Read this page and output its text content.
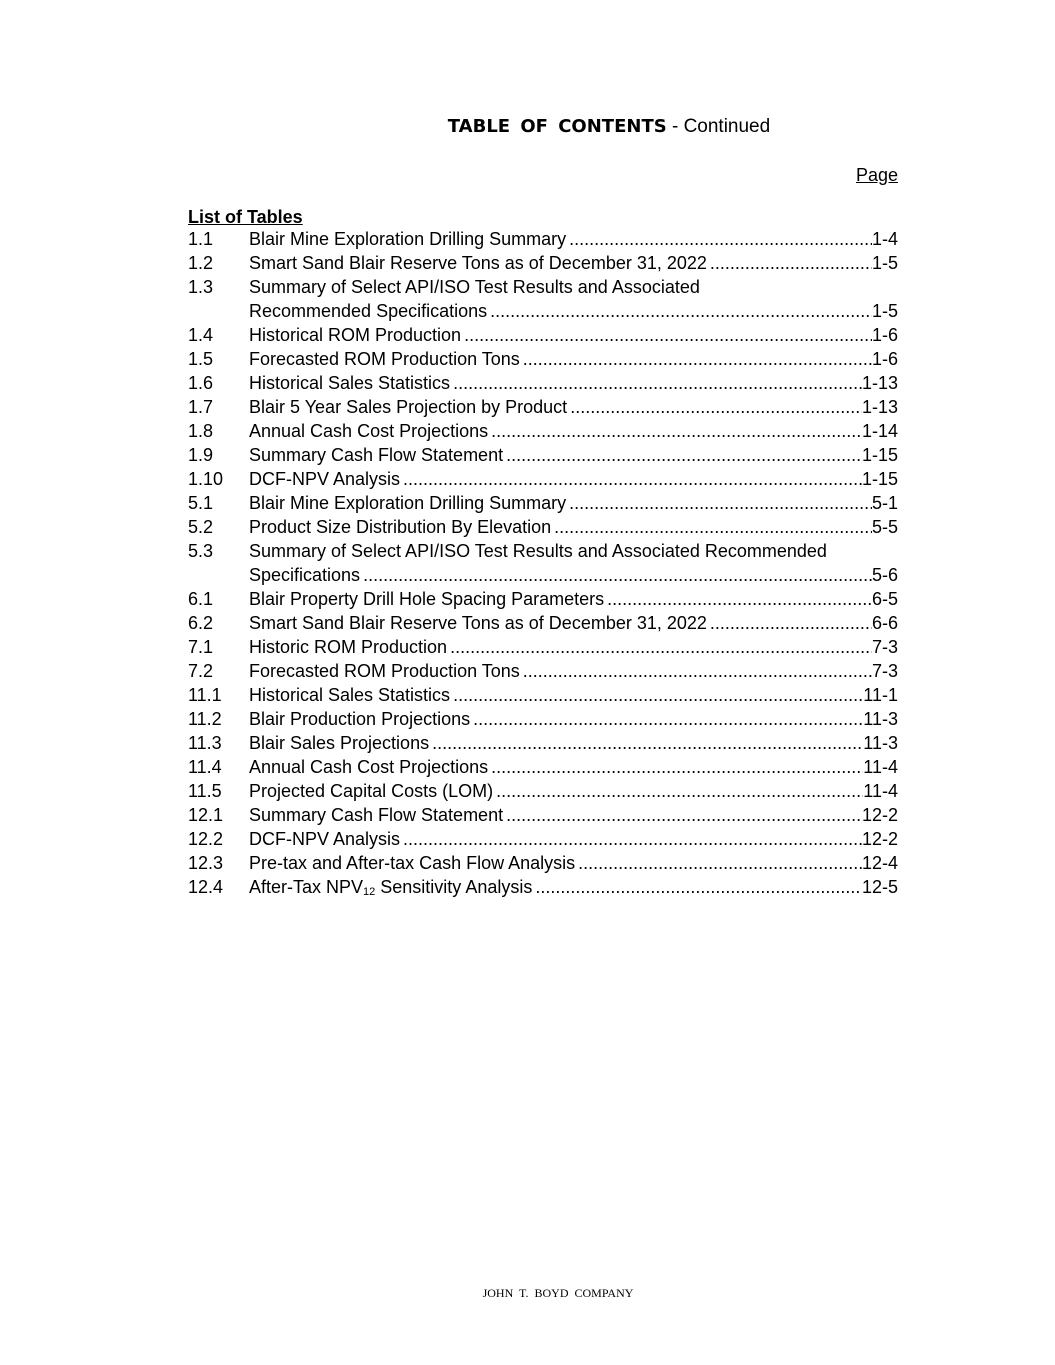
TABLE OF CONTENTS - Continued
Page
List of Tables
1.1	Blair Mine Exploration Drilling Summary .....	1-4
1.2	Smart Sand Blair Reserve Tons as of December 31, 2022 .....	1-5
1.3	Summary of Select API/ISO Test Results and Associated
Recommended Specifications .....	1-5
1.4	Historical ROM Production .....	1-6
1.5	Forecasted ROM Production Tons .....	1-6
1.6	Historical Sales Statistics .....	1-13
1.7	Blair 5 Year Sales Projection by Product .....	1-13
1.8	Annual Cash Cost Projections .....	1-14
1.9	Summary Cash Flow Statement .....	1-15
1.10	DCF-NPV Analysis .....	1-15
5.1	Blair Mine Exploration Drilling Summary .....	5-1
5.2	Product Size Distribution By Elevation .....	5-5
5.3	Summary of Select API/ISO Test Results and Associated Recommended
Specifications .....	5-6
6.1	Blair Property Drill Hole Spacing Parameters .....	6-5
6.2	Smart Sand Blair Reserve Tons as of December 31, 2022 .....	6-6
7.1	Historic ROM Production .....	7-3
7.2	Forecasted ROM Production Tons .....	7-3
11.1	Historical Sales Statistics .....	11-1
11.2	Blair Production Projections .....	11-3
11.3	Blair Sales Projections .....	11-3
11.4	Annual Cash Cost Projections .....	11-4
11.5	Projected Capital Costs (LOM) .....	11-4
12.1	Summary Cash Flow Statement .....	12-2
12.2	DCF-NPV Analysis .....	12-2
12.3	Pre-tax and After-tax Cash Flow Analysis .....	12-4
12.4	After-Tax $NPV_{12}$ Sensitivity Analysis .....	12-5
JOHN T. BOYD COMPANY
